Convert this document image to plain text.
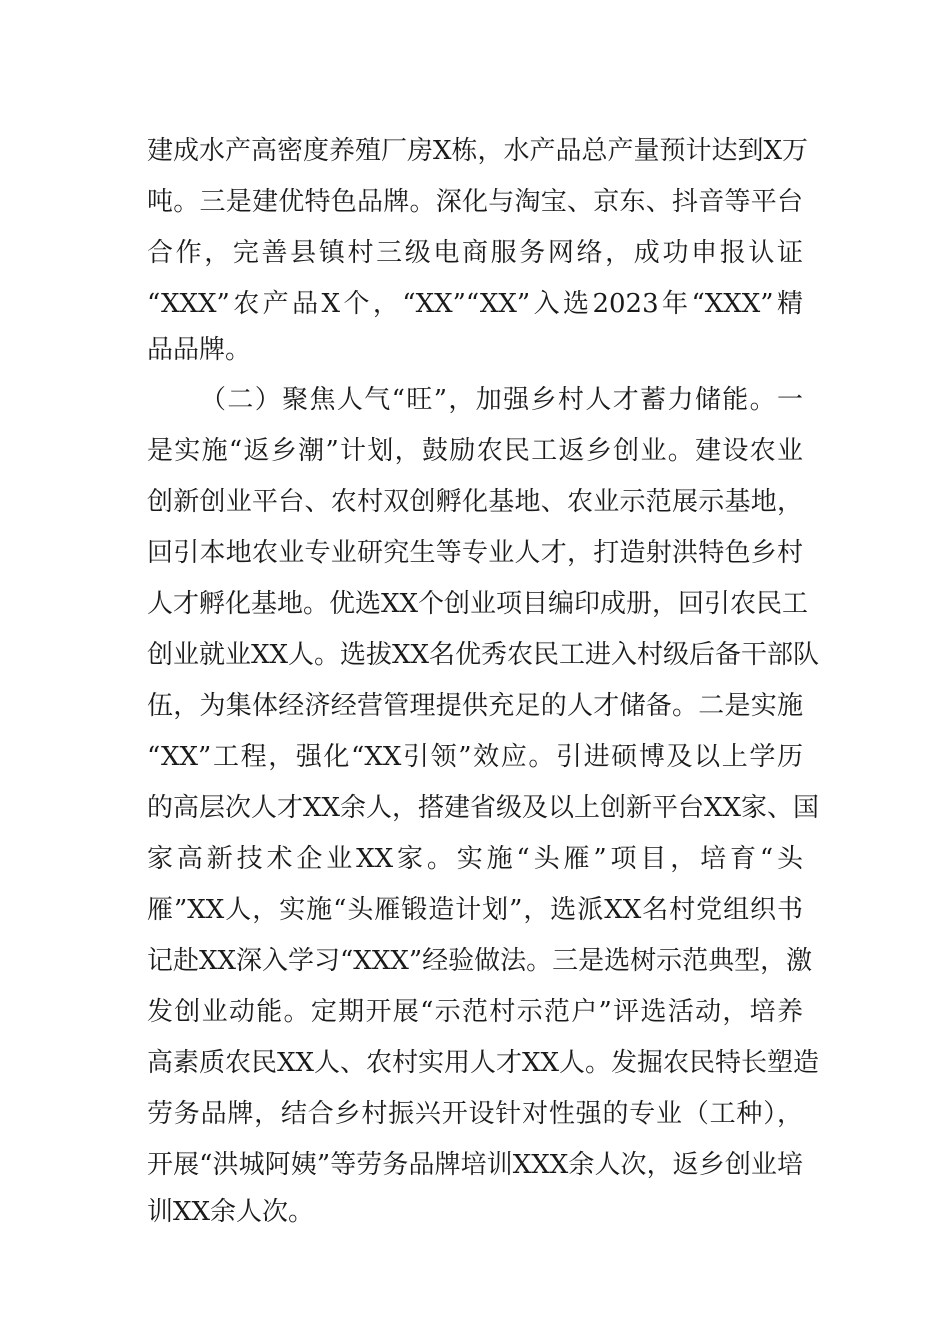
建成水产高密度养殖厂房X栋，水产品总产量预计达到X万
吨。三是建优特色品牌。深化与淘宝、京东、抖音等平台
合作，完善县镇村三级电商服务网络，成功申报认证
“XXX”农产品X个，“XX”“XX”入选2023年“XXX”精
品品牌。
（二）聚焦人气“旺”，加强乡村人才蓄力储能。一
是实施“返乡潮”计划，鼓励农民工返乡创业。建设农业
创新创业平台、农村双创孵化基地、农业示范展示基地，
回引本地农业专业研究生等专业人才，打造射洪特色乡村
人才孵化基地。优选XX个创业项目编印成册，回引农民工
创业就业XX人。选拔XX名优秀农民工进入村级后备干部队
伍，为集体经济经营管理提供充足的人才储备。二是实施
“XX”工程，强化“XX引领”效应。引进硕博及以上学历
的高层次人才XX余人，搭建省级及以上创新平台XX家、国
家高新技术企业XX家。实施“头雁”项目，培育“头
雁”XX人，实施“头雁锻造计划”，选派XX名村党组织书
记赴XX深入学习“XXX”经验做法。三是选树示范典型，激
发创业动能。定期开展“示范村示范户”评选活动，培养
高素质农民XX人、农村实用人才XX人。发掘农民特长塑造
劳务品牌，结合乡村振兴开设针对性强的专业（工种），
开展“洪城阿姨”等劳务品牌培训XXX余人次，返乡创业培
训XX余人次。
